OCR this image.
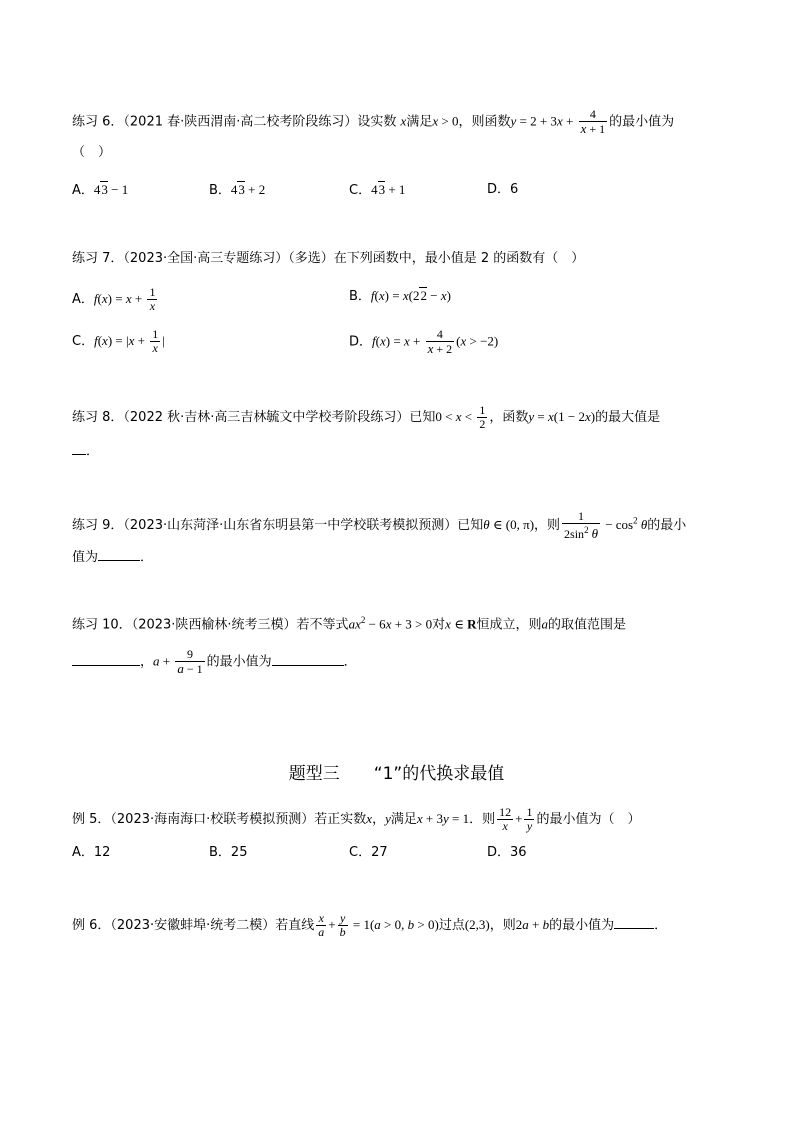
练习 6．（2021 春·陕西渭南·高二校考阶段练习）设实数 x满足x > 0，则函数$y = 2 + 3x + \frac{4}{x + 1}$ 的最小值为
（　）
A．43 − 1	B．43 + 2	C．43 + 1	D．6
练习 7．（2023·全国·高三专题练习）（多选）在下列函数中，最小值是 2 的函数有（　）
A．$f(x) = x + \frac{1}{x}$	B．f(x) = x(22 − x)
C．$f(x) = |x + \frac{1}{x}$ |	D．$f(x) = x + \frac{4}{x + 2} (x > -2)$
练习 8．（2022 秋·吉林·高三吉林毓文中学校考阶段练习）已知$0 < x < \frac{1}{2}$ ，函数y = x(1 − 2x)的最大值是
．
练习 9．（2023·山东菏泽·山东省东明县第一中学校联考模拟预测）已知θ ∈ (0, π)，则 $\frac{1}{2\sin^2 \theta} - \cos^2 \theta$的最小
值为	．
练习 10．（2023·陕西榆林·统考三模）若不等式$ax^2 - 6x + 3 > 0$对x ∈ R恒成立，则a的取值范围是
，$a + \frac{9}{a - 1}$ 的最小值为	．
题型三　　“1”的代换求最值
例 5．（2023·海南海口·校联考模拟预测）若正实数x，y满足x + 3y = 1．则 $\frac{12}{x} + \frac{1}{y}$ 的最小值为（　）
A．12	B．25	C．27	D．36
例 6．（2023·安徽蚌埠·统考二模）若直线 $\frac{x}{a} + \frac{y}{b} = 1(a > 0$, b > 0)过点(2,3)，则2a + b的最小值为	．
